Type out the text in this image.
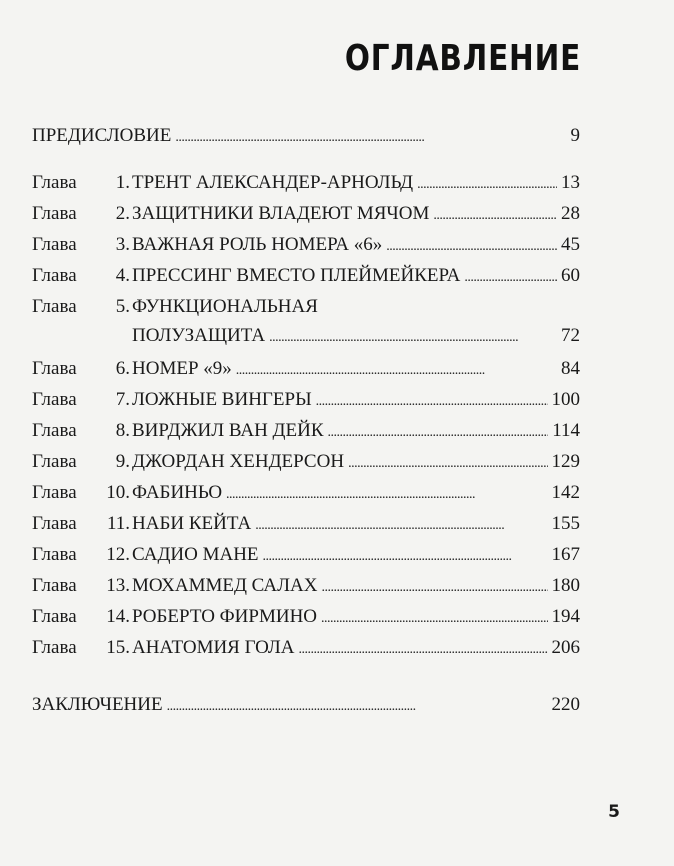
ОГЛАВЛЕНИЕ
ПРЕДИСЛОВИЕ . . .	9
Глава 1. ТРЕНТ АЛЕКСАНДЕР-АРНОЛЬД . . .	13
Глава 2. ЗАЩИТНИКИ ВЛАДЕЮТ МЯЧОМ . . .	28
Глава 3. ВАЖНАЯ РОЛЬ НОМЕРА «6» . . .	45
Глава 4. ПРЕССИНГ ВМЕСТО ПЛЕЙМЕЙКЕРА . . .	60
Глава 5. ФУНКЦИОНАЛЬНАЯ
ПОЛУЗАЩИТА . . .	72
Глава 6. НОМЕР «9» . . .	84
Глава 7. ЛОЖНЫЕ ВИНГЕРЫ . . .	100
Глава 8. ВИРДЖИЛ ВАН ДЕЙК . . .	114
Глава 9. ДЖОРДАН ХЕНДЕРСОН . . .	129
Глава 10. ФАБИНЬО . . .	142
Глава 11. НАБИ КЕЙТА . . .	155
Глава 12. САДИО МАНЕ . . .	167
Глава 13. МОХАММЕД САЛАХ . . .	180
Глава 14. РОБЕРТО ФИРМИНО . . .	194
Глава 15. АНАТОМИЯ ГОЛА . . .	206
ЗАКЛЮЧЕНИЕ . . .	220
5
